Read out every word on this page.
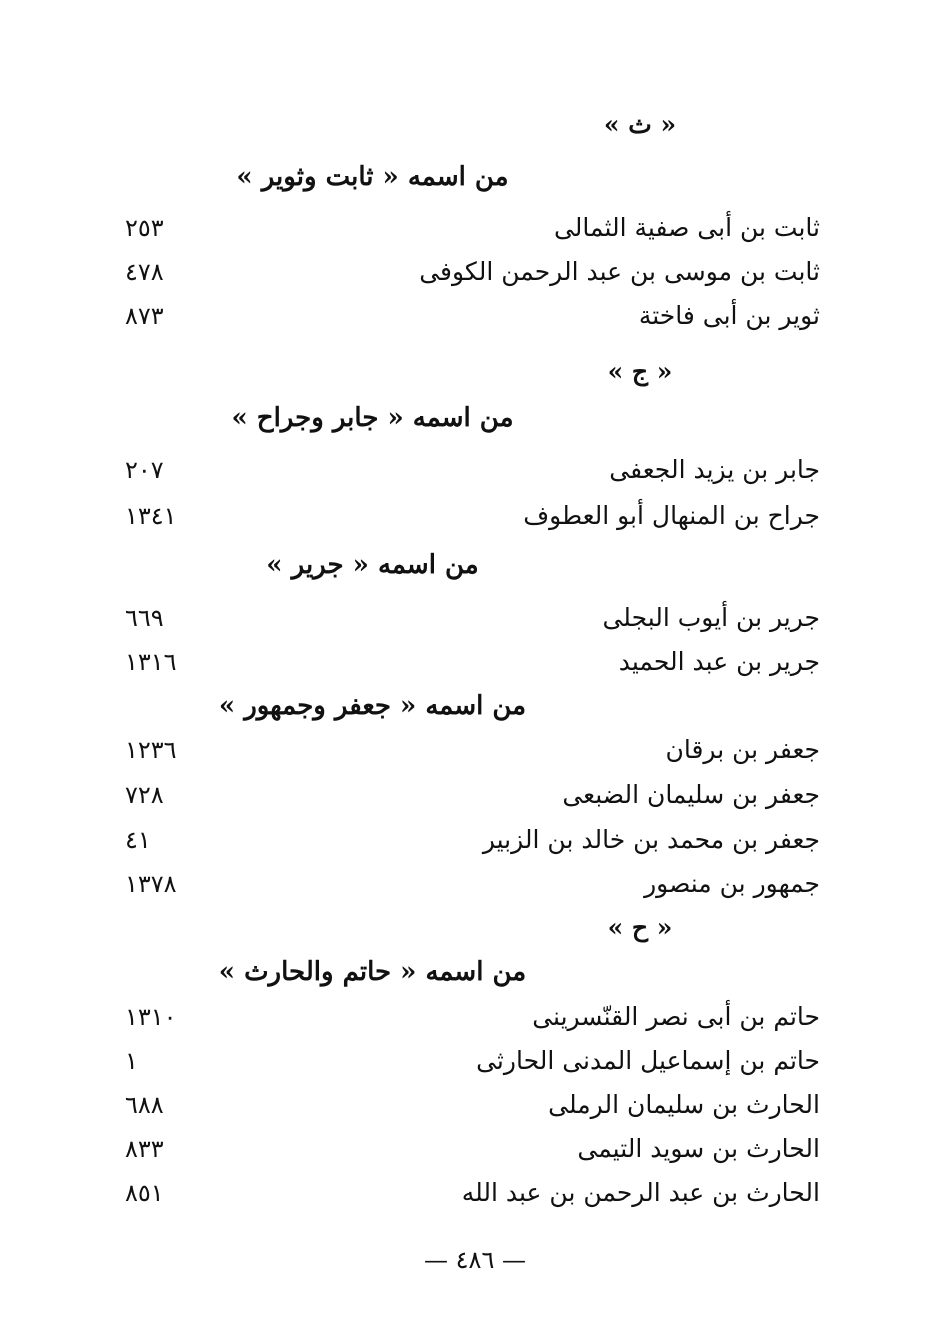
« ث »
من اسمه « ثابت وثوير »
ثابت بن أبى صفية الثمالى
٢٥٣
ثابت بن موسى بن عبد الرحمن الكوفى
٤٧٨
ثوير بن أبى فاختة
٨٧٣
« ج »
من اسمه « جابر وجراح »
جابر بن يزيد الجعفى
٢٠٧
جراح بن المنهال أبو العطوف
١٣٤١
من اسمه « جرير »
جرير بن أيوب البجلى
٦٦٩
جرير بن عبد الحميد
١٣١٦
من اسمه « جعفر وجمهور »
جعفر بن برقان
١٢٣٦
جعفر بن سليمان الضبعى
٧٢٨
جعفر بن محمد بن خالد بن الزبير
٤١
جمهور بن منصور
١٣٧٨
« ح »
من اسمه « حاتم والحارث »
حاتم بن أبى نصر القنّسرينى
١٣١٠
حاتم بن إسماعيل المدنى الحارثى
١
الحارث بن سليمان الرملى
٦٨٨
الحارث بن سويد التيمى
٨٣٣
الحارث بن عبد الرحمن بن عبد الله
٨٥١
— ٤٨٦ —
